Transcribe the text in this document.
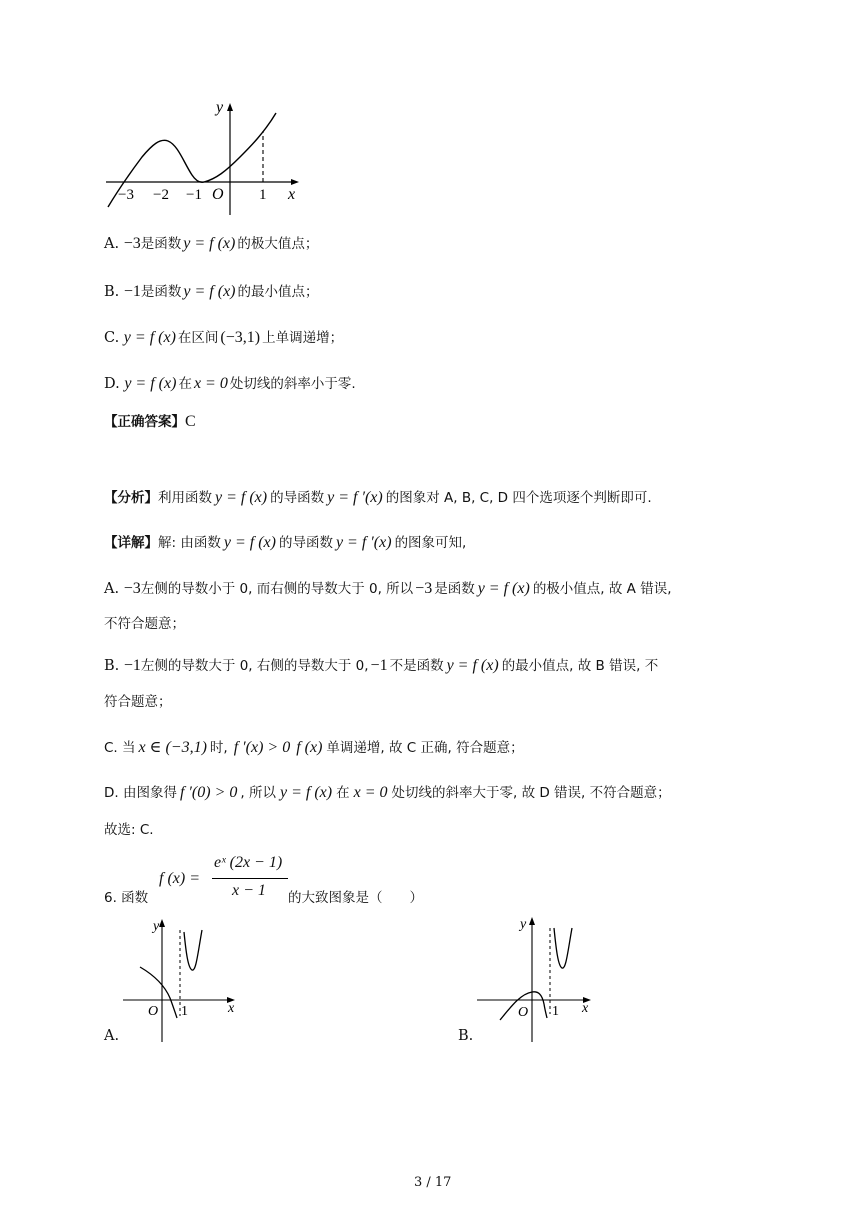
y
x
−3 −2 −1 O 1
A. −3是函数 y = f (x) 的极大值点；
B. −1是函数 y = f (x) 的最小值点；
C. y = f (x) 在区间 (−3,1) 上单调递增；
D. y = f (x) 在 x = 0 处切线的斜率小于零.
【正确答案】C
【分析】利用函数 y = f (x) 的导函数 y = f ′(x) 的图象对 A, B, C, D 四个选项逐个判断即可.
【详解】解: 由函数 y = f (x) 的导函数 y = f ′(x) 的图象可知,
A. −3左侧的导数小于 0, 而右侧的导数大于 0, 所以 −3 是函数 y = f (x) 的极小值点, 故 A 错误,
不符合题意；
B. −1左侧的导数大于 0, 右侧的导数大于 0, −1 不是函数 y = f (x) 的最小值点, 故 B 错误, 不
符合题意；
C. 当 x ∈ (−3,1) 时, f ′(x) > 0 f (x) 单调递增, 故 C 正确, 符合题意；
D. 由图象得 f ′(0) > 0 , 所以 y = f (x) 在 x = 0 处切线的斜率大于零, 故 D 错误, 不符合题意；
故选: C.
6. 函数
f (x) =
eˣ (2x − 1)
x − 1 的大致图象是（　　）
y
x
O 1
A.
y
x
O 1
B.
3 / 17
